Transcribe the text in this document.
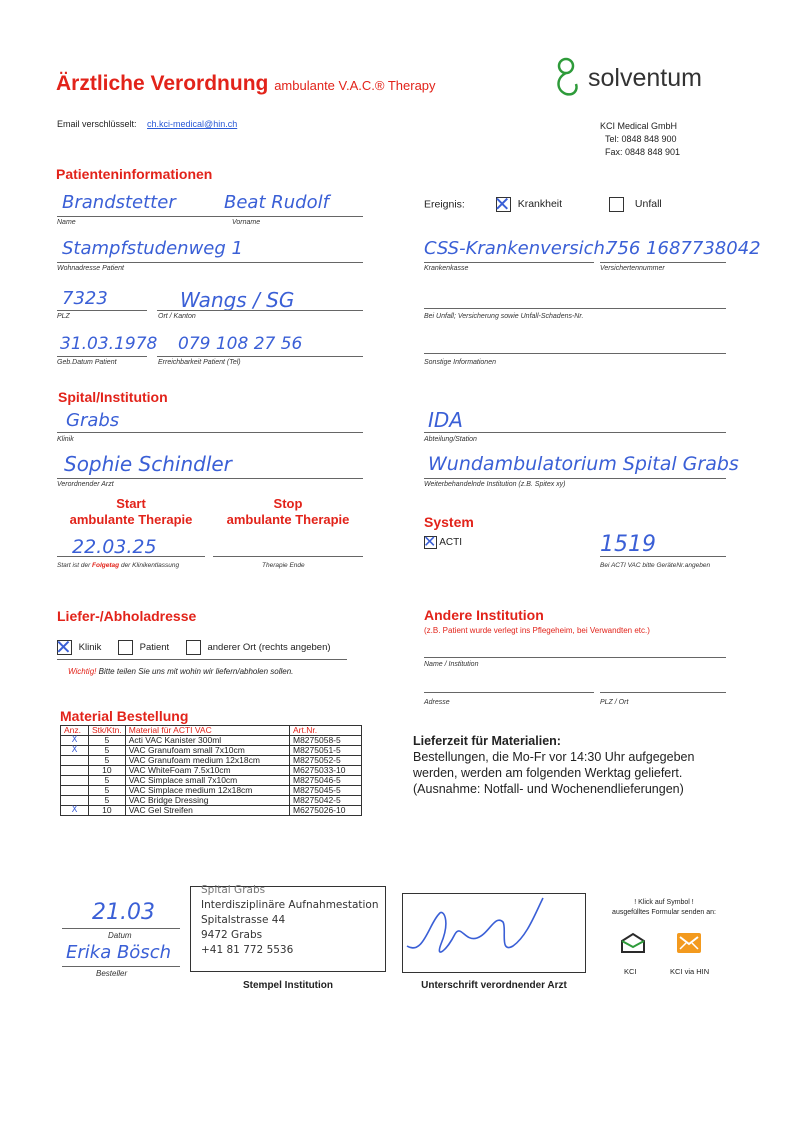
Ärztliche Verordnung ambulante V.A.C.® Therapy	solventum
Email verschlüsselt: ch.kci-medical@hin.ch	KCI Medical GmbH
Tel: 0848 848 900
Fax: 0848 848 901
Patienteninformationen
Brandstetter	Beat Rudolf
Name	Vorname
Stampfstudenweg 1
Wohnadresse Patient
7323	Wangs / SG
PLZ	Ort / Kanton
31.03.1978 079 108 27 56
Geb.Datum Patient	Erreichbarkeit Patient (Tel)
Ereignis: ✕ Krankheit	Unfall
CSS-Krankenversich.
756 1687738042
Krankenkasse	Versichertennummer
Bei Unfall; Versicherung sowie Unfall-Schadens-Nr.
Sonstige Informationen
Spital/Institution
Grabs
Klinik
Sophie Schindler
Verordnender Arzt
IDA
Abteilung/Station
Wundambulatorium Spital Grabs
Weiterbehandelnde Institution (z.B. Spitex xy)
Start
ambulante Therapie
Stop
ambulante Therapie
22.03.25
Start ist der Folgetag der Klinikentlassung	Therapie Ende
System
✕ ACTI	1519
Bei ACTI VAC bitte GeräteNr.angeben
Liefer-/Abholadresse
✕ Klinik	Patient	anderer Ort (rechts angeben)
Wichtig! Bitte teilen Sie uns mit wohin wir liefern/abholen sollen.
Andere Institution
(z.B. Patient wurde verlegt ins Pflegeheim, bei Verwandten etc.)
Name / Institution
Adresse	PLZ / Ort
Material Bestellung
Anz.	Stk/Ktn.	Material für ACTI VAC	Art.Nr.
X	5	Acti VAC Kanister 300ml	M8275058-5
X	5	VAC Granufoam small 7x10cm	M8275051-5
	5	VAC Granufoam medium 12x18cm	M8275052-5
	10	VAC WhiteFoam 7.5x10cm	M6275033-10
	5	VAC Simplace small 7x10cm	M8275046-5
	5	VAC Simplace medium 12x18cm	M8275045-5
	5	VAC Bridge Dressing	M8275042-5
X	10	VAC Gel Streifen	M6275026-10
Lieferzeit für Materialien:
Bestellungen, die Mo-Fr vor 14:30 Uhr aufgegeben
werden, werden am folgenden Werktag geliefert.
(Ausnahme: Notfall- und Wochenendlieferungen)
21.03
Datum
Erika Bösch
Besteller
Spital Grabs
Interdisziplinäre Aufnahmestation
Spitalstrasse 44
9472 Grabs
+41 81 772 5536
Stempel Institution	Unterschrift verordnender Arzt
! Klick auf Symbol !
ausgefülltes Formular senden an:
KCI	KCI via HIN
